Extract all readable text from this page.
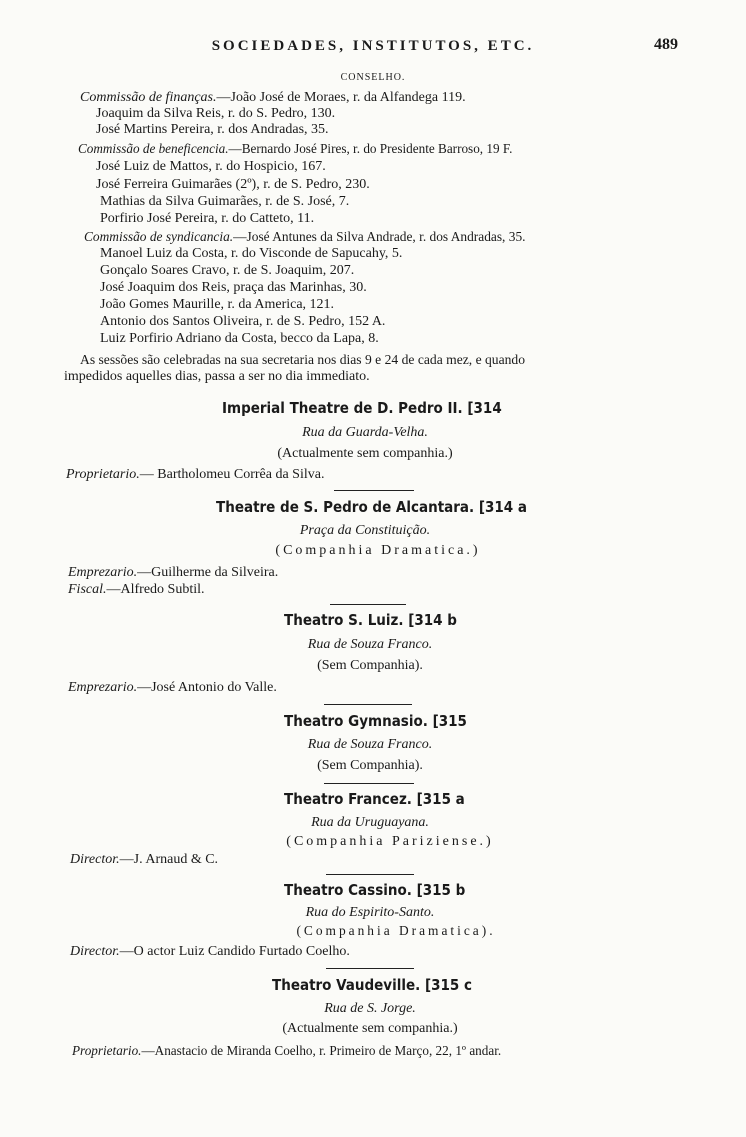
SOCIEDADES, INSTITUTOS, ETC.	489
CONSELHO.
Commissão de finanças.—João José de Moraes, r. da Alfandega 119.
Joaquim da Silva Reis, r. do S. Pedro, 130.
José Martins Pereira, r. dos Andradas, 35.
Commissão de beneficencia.—Bernardo José Pires, r. do Presidente Barroso, 19 F.
José Luiz de Mattos, r. do Hospicio, 167.
José Ferreira Guimarães (2º), r. de S. Pedro, 230.
Mathias da Silva Guimarães, r. de S. José, 7.
Porfirio José Pereira, r. do Catteto, 11.
Commissão de syndicancia.—José Antunes da Silva Andrade, r. dos Andradas, 35.
Manoel Luiz da Costa, r. do Visconde de Sapucahy, 5.
Gonçalo Soares Cravo, r. de S. Joaquim, 207.
José Joaquim dos Reis, praça das Marinhas, 30.
João Gomes Maurille, r. da America, 121.
Antonio dos Santos Oliveira, r. de S. Pedro, 152 A.
Luiz Porfirio Adriano da Costa, becco da Lapa, 8.
As sessões são celebradas na sua secretaria nos dias 9 e 24 de cada mez, e quando
impedidos aquelles dias, passa a ser no dia immediato.
Imperial Theatre de D. Pedro II. [314
Rua da Guarda-Velha.
(Actualmente sem companhia.)
Proprietario.— Bartholomeu Corrêa da Silva.
Theatre de S. Pedro de Alcantara. [314 a
Praça da Constituição.
(Companhia Dramatica.)
Emprezario.—Guilherme da Silveira.
Fiscal.—Alfredo Subtil.
Theatro S. Luiz. [314 b
Rua de Souza Franco.
(Sem Companhia).
Emprezario.—José Antonio do Valle.
Theatro Gymnasio. [315
Rua de Souza Franco.
(Sem Companhia).
Theatro Francez. [315 a
Rua da Uruguayana.
(Companhia Pariziense.)
Director.—J. Arnaud & C.
Theatro Cassino. [315 b
Rua do Espirito-Santo.
(Companhia Dramatica).
Director.—O actor Luiz Candido Furtado Coelho.
Theatro Vaudeville. [315 c
Rua de S. Jorge.
(Actualmente sem companhia.)
Proprietario.—Anastacio de Miranda Coelho, r. Primeiro de Março, 22, 1º andar.
